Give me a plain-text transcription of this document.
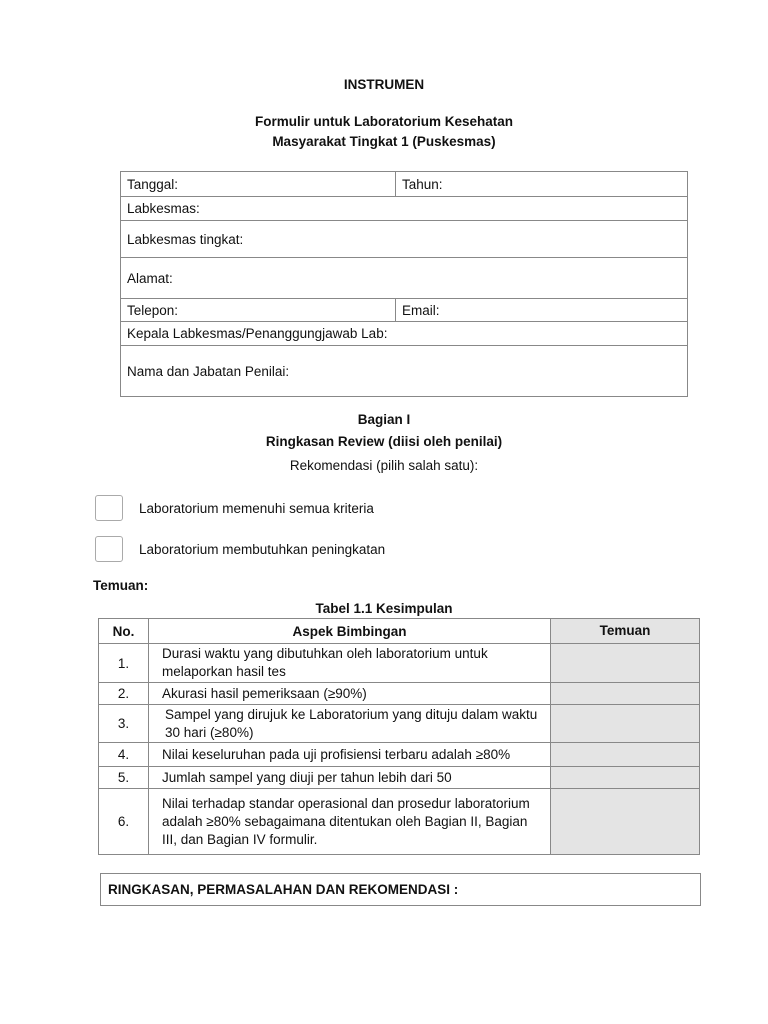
INSTRUMEN
Formulir untuk Laboratorium Kesehatan
Masyarakat Tingkat 1 (Puskesmas)
Tanggal:	Tahun:
Labkesmas:	
Labkesmas tingkat:	
Alamat:	
Telepon:	Email:
Kepala Labkesmas/Penanggungjawab Lab:	
Nama dan Jabatan Penilai:	
Bagian I
Ringkasan Review (diisi oleh penilai)
Rekomendasi (pilih salah satu):
Laboratorium memenuhi semua kriteria
Laboratorium membutuhkan peningkatan
Temuan:
Tabel 1.1 Kesimpulan
No.	Aspek Bimbingan	Temuan
1.	Durasi waktu yang dibutuhkan oleh laboratorium untuk melaporkan hasil tes	
2.	Akurasi hasil pemeriksaan (≥90%)	
3.	Sampel yang dirujuk ke Laboratorium yang dituju dalam waktu 30 hari (≥80%)	
4.	Nilai keseluruhan pada uji profisiensi terbaru adalah ≥80%	
5.	Jumlah sampel yang diuji per tahun lebih dari 50	
6.	Nilai terhadap standar operasional dan prosedur laboratorium adalah ≥80% sebagaimana ditentukan oleh Bagian II, Bagian III, dan Bagian IV formulir.	
RINGKASAN, PERMASALAHAN DAN REKOMENDASI :
